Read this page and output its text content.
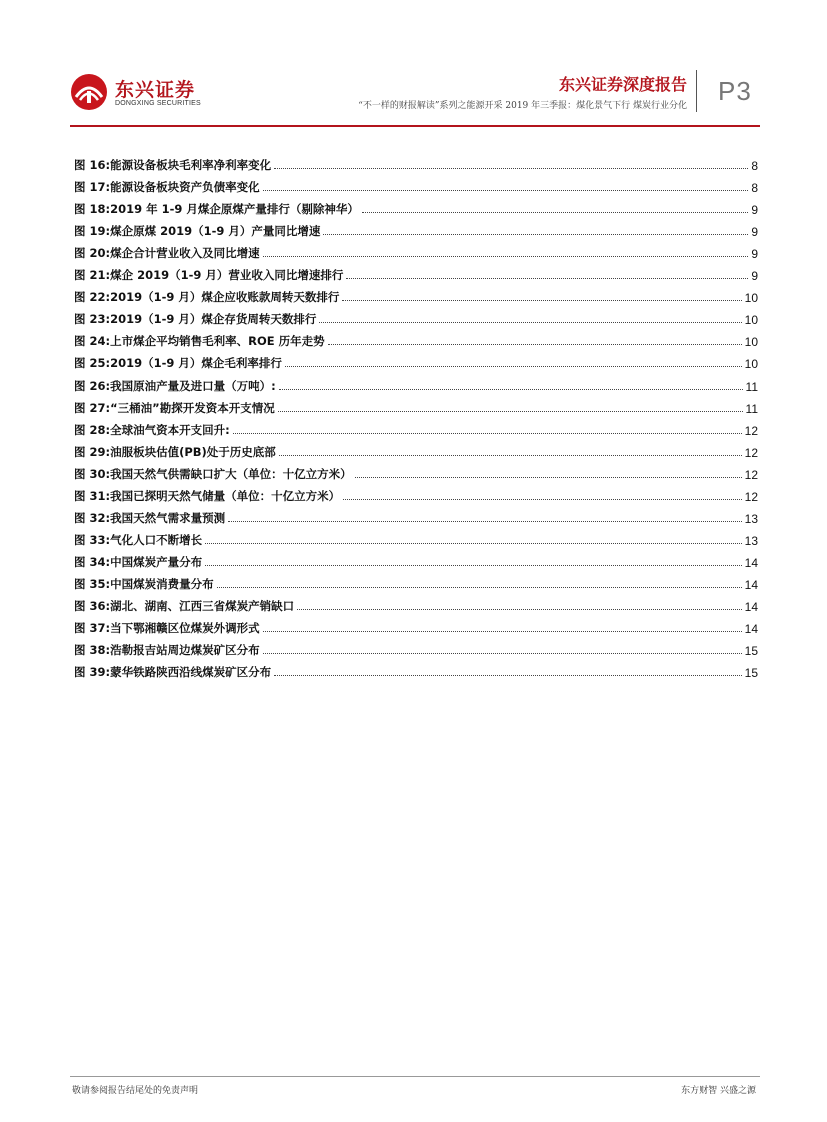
东兴证券
DONGXING SECURITIES
东兴证券深度报告
“不一样的财报解读”系列之能源开采 2019 年三季报：煤化景气下行 煤炭行业分化 P3
图 16:能源设备板块毛利率净利率变化	8
图 17:能源设备板块资产负债率变化	8
图 18:2019 年 1-9 月煤企原煤产量排行（剔除神华）	9
图 19:煤企原煤 2019（1-9 月）产量同比增速	9
图 20:煤企合计营业收入及同比增速	9
图 21:煤企 2019（1-9 月）营业收入同比增速排行	9
图 22:2019（1-9 月）煤企应收账款周转天数排行	10
图 23:2019（1-9 月）煤企存货周转天数排行	10
图 24:上市煤企平均销售毛利率、ROE 历年走势	10
图 25:2019（1-9 月）煤企毛利率排行	10
图 26:我国原油产量及进口量（万吨）:	11
图 27:“三桶油”勘探开发资本开支情况	11
图 28:全球油气资本开支回升:	12
图 29:油服板块估值(PB)处于历史底部	12
图 30:我国天然气供需缺口扩大（单位：十亿立方米）	12
图 31:我国已探明天然气储量（单位：十亿立方米）	12
图 32:我国天然气需求量预测	13
图 33:气化人口不断增长	13
图 34:中国煤炭产量分布	14
图 35:中国煤炭消费量分布	14
图 36:湖北、湖南、江西三省煤炭产销缺口	14
图 37:当下鄂湘赣区位煤炭外调形式	14
图 38:浩勒报吉站周边煤炭矿区分布	15
图 39:蒙华铁路陕西沿线煤炭矿区分布	15
敬请参阅报告结尾处的免责声明	东方财智 兴盛之源
